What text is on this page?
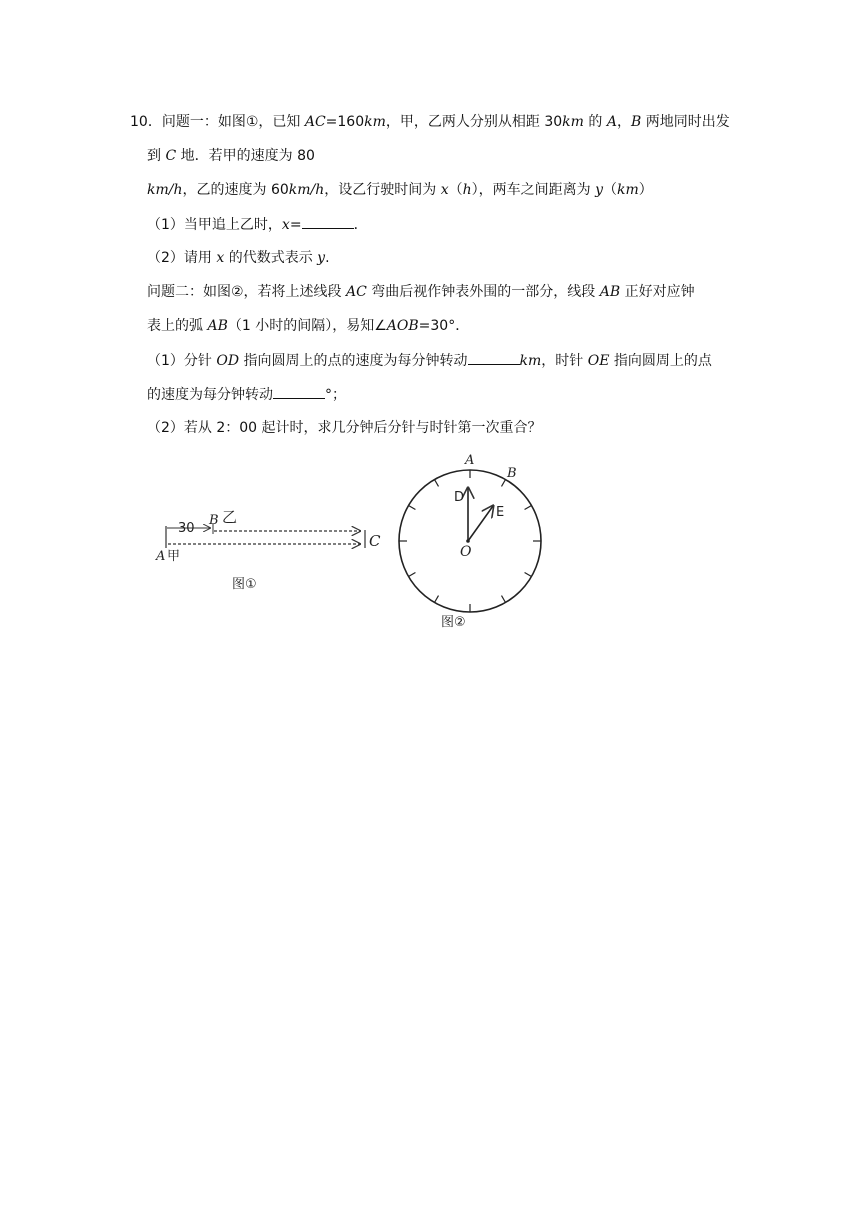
10．问题一：如图①，已知 AC=160km，甲，乙两人分别从相距 30km 的 A，B 两地同时出发
到 C 地．若甲的速度为 80
km/h，乙的速度为 60km/h，设乙行驶时间为 x（h），两车之间距离为 y（km）
（1）当甲追上乙时，x=	．
（2）请用 x 的代数式表示 y.
问题二：如图②，若将上述线段 AC 弯曲后视作钟表外围的一部分，线段 AB 正好对应钟
表上的弧 AB（1 小时的间隔），易知∠AOB=30°．
（1）分针 OD 指向圆周上的点的速度为每分钟转动	km，时针 OE 指向圆周上的点
的速度为每分钟转动	°；
（2）若从 2：00 起计时，求几分钟后分针与时针第一次重合？
30
B 乙
A 甲
C
图①
A
B
D
E
O
图②
